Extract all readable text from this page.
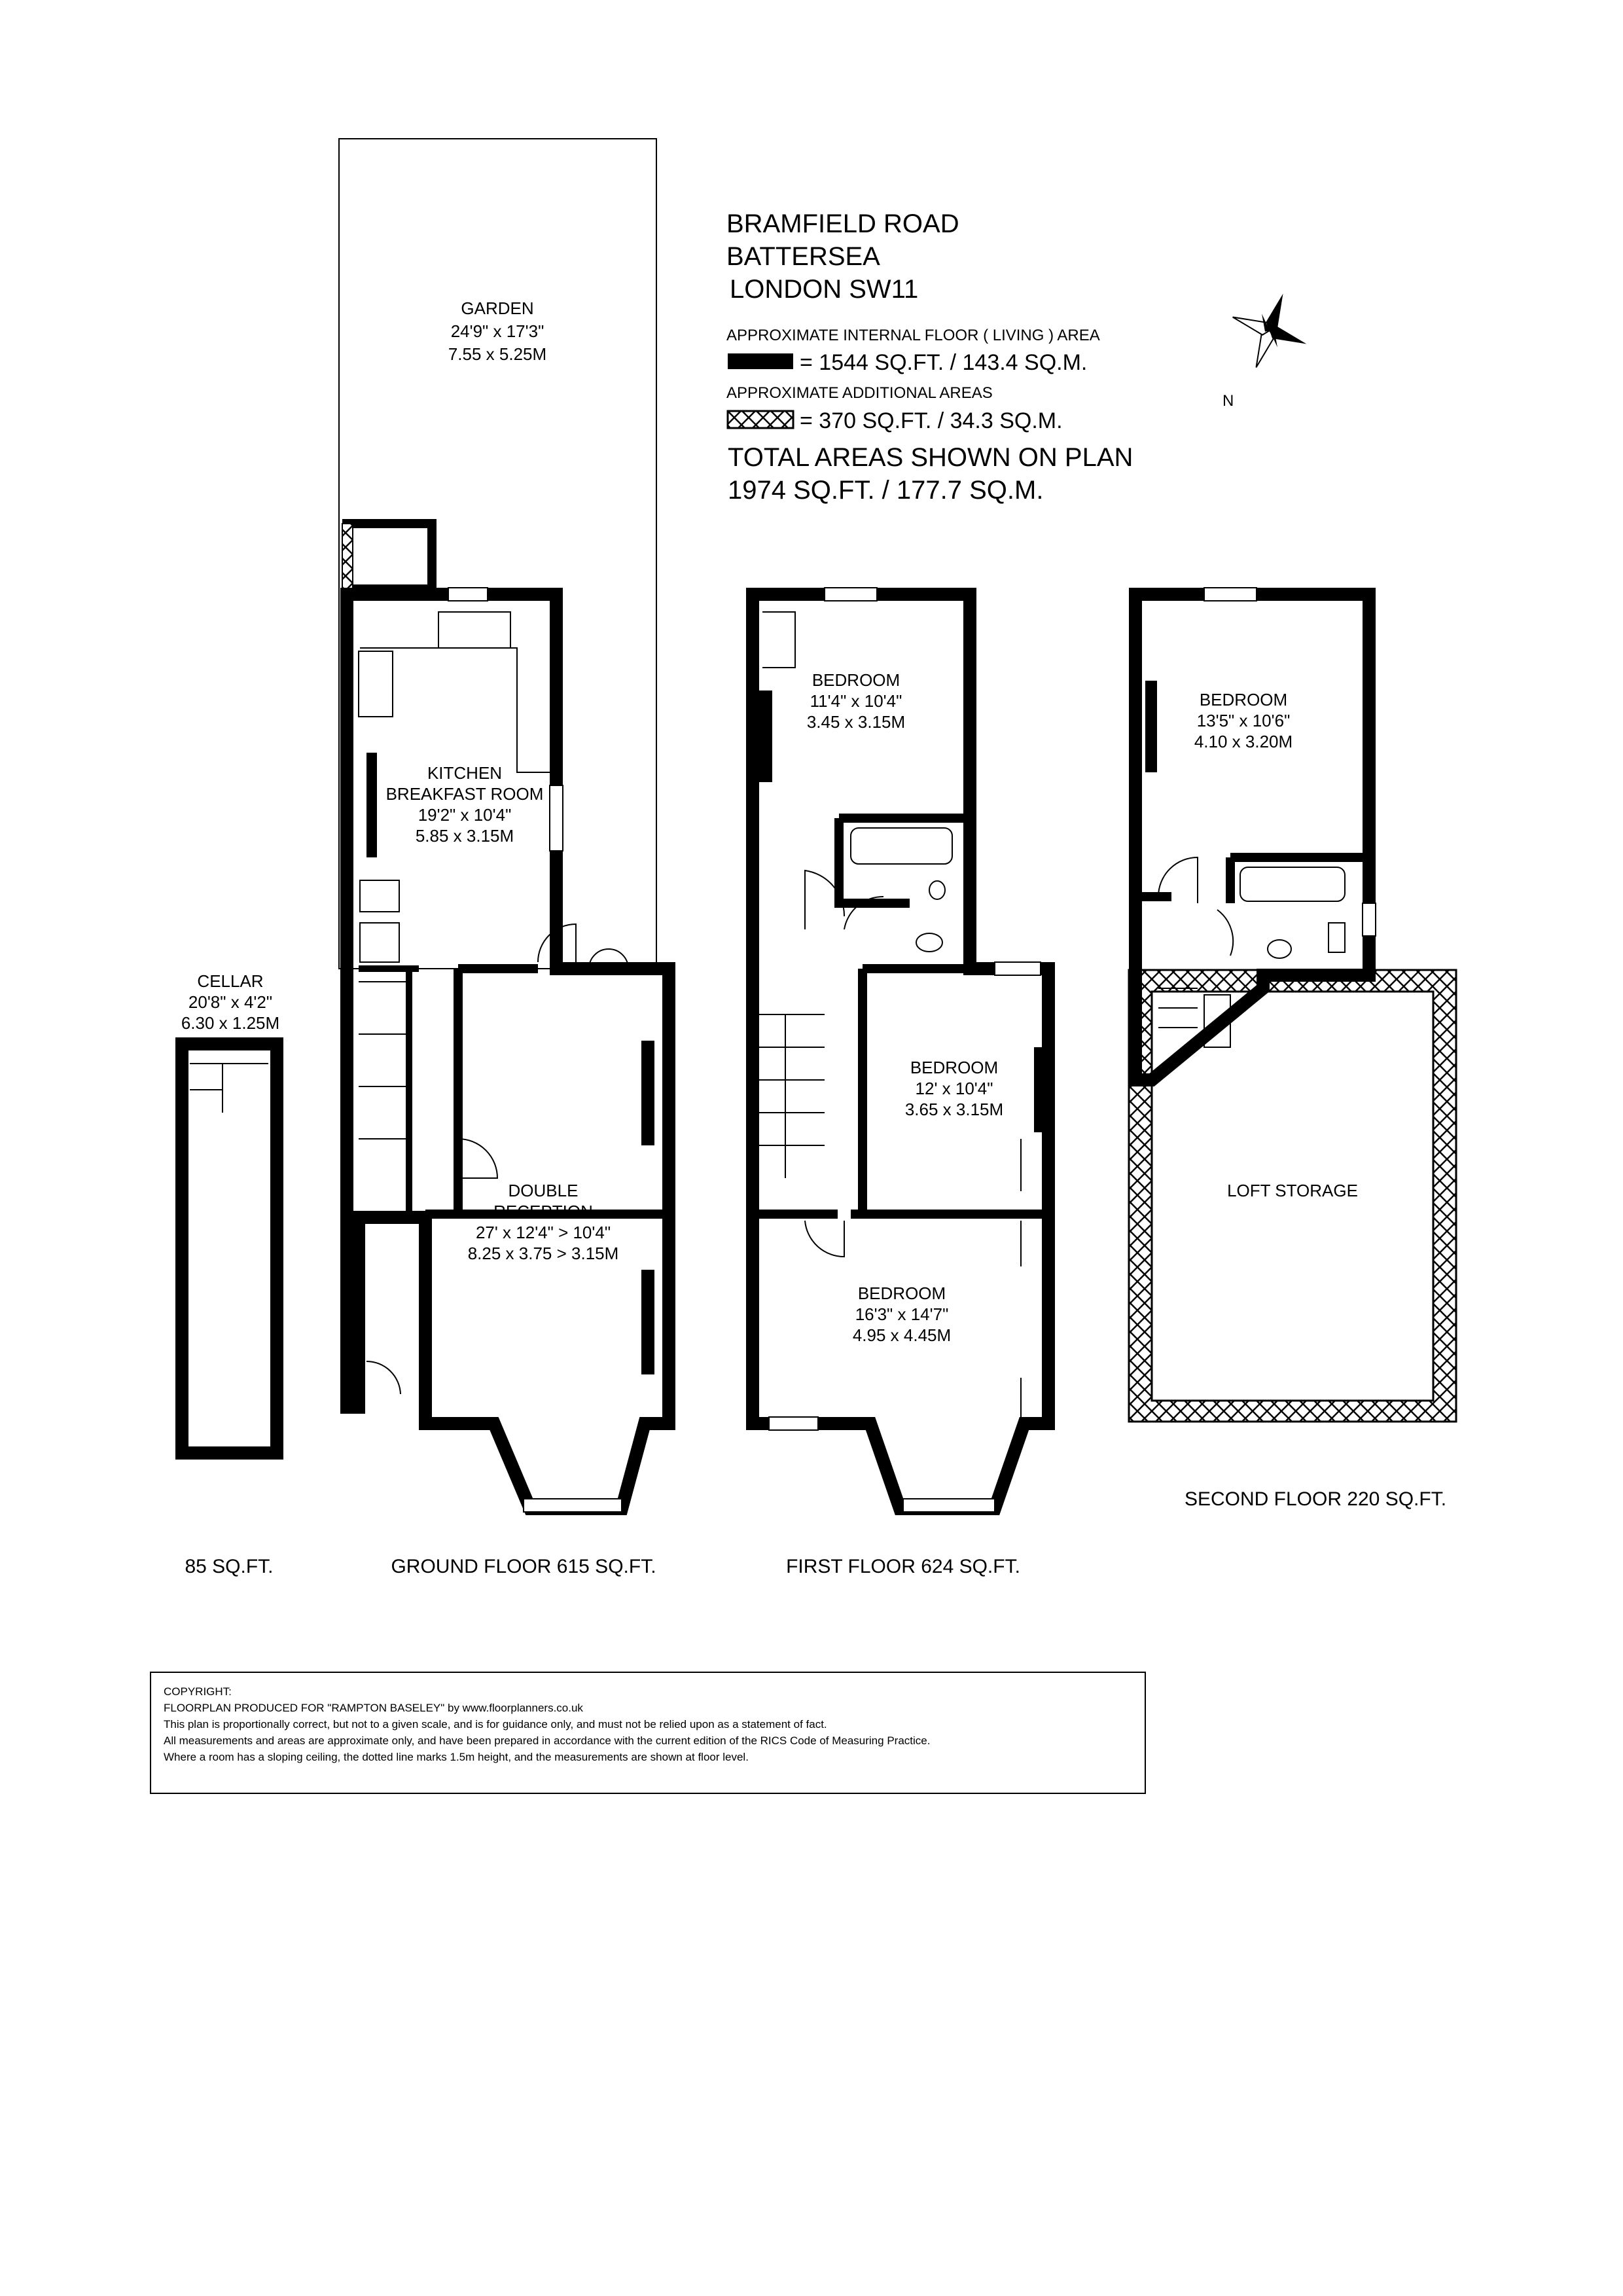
BRAMFIELD ROAD
BATTERSEA
LONDON SW11
APPROXIMATE INTERNAL FLOOR ( LIVING ) AREA
= 1544 SQ.FT. / 143.4 SQ.M.
APPROXIMATE ADDITIONAL AREAS
= 370 SQ.FT. / 34.3 SQ.M.
TOTAL AREAS SHOWN ON PLAN
1974 SQ.FT. / 177.7 SQ.M.
N
GARDEN
24'9" x 17'3"
7.55 x 5.25M
KITCHEN
BREAKFAST ROOM
19'2" x 10'4"
5.85 x 3.15M
DOUBLE
RECEPTION
27' x 12'4" > 10'4"
8.25 x 3.75 > 3.15M
GROUND FLOOR 615 SQ.FT.
CELLAR
20'8" x 4'2"
6.30 x 1.25M
85 SQ.FT.
BEDROOM
11'4" x 10'4"
3.45 x 3.15M
BEDROOM
12' x 10'4"
3.65 x 3.15M
BEDROOM
16'3" x 14'7"
4.95 x 4.45M
FIRST FLOOR 624 SQ.FT.
BEDROOM
13'5" x 10'6"
4.10 x 3.20M
LOFT STORAGE
SECOND FLOOR 220 SQ.FT.
COPYRIGHT:
FLOORPLAN PRODUCED FOR "RAMPTON BASELEY" by www.floorplanners.co.uk
This plan is proportionally correct, but not to a given scale, and is for guidance only, and must not be relied upon as a statement of fact.
All measurements and areas are approximate only, and have been prepared in accordance with the current edition of the RICS Code of Measuring Practice.
Where a room has a sloping ceiling, the dotted line marks 1.5m height, and the measurements are shown at floor level.
